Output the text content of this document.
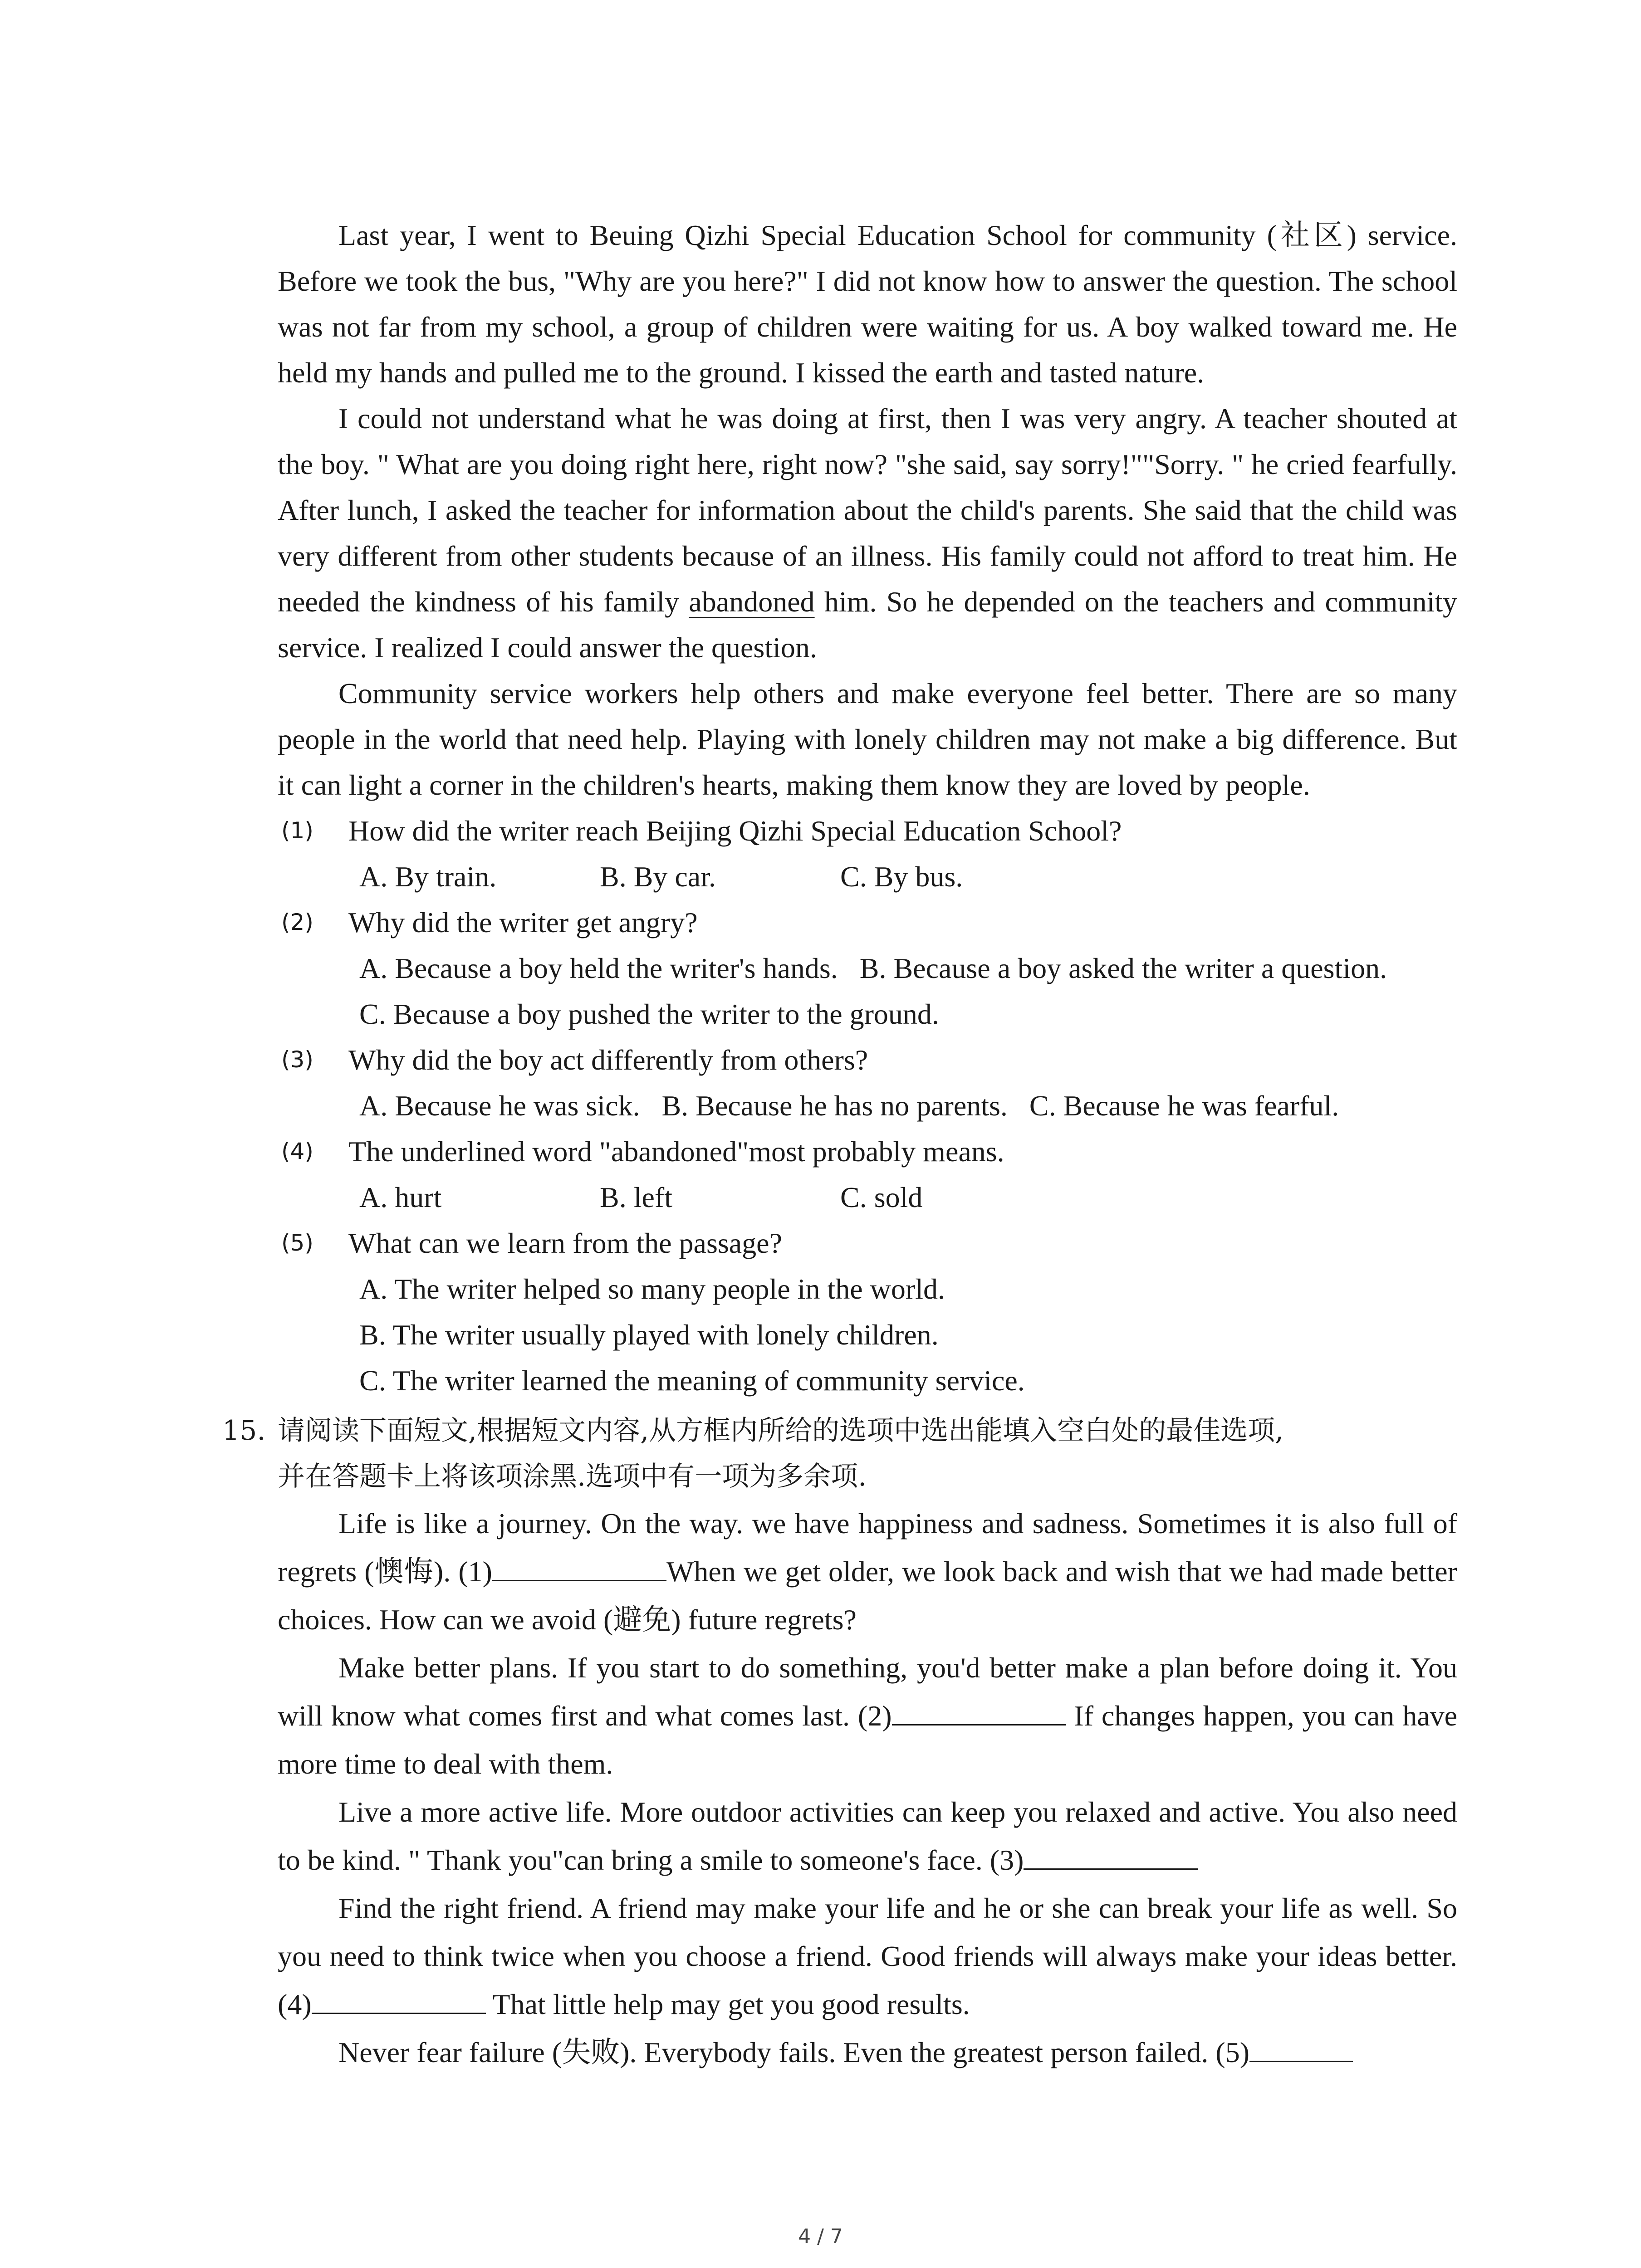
Last year, I went to Beuing Qizhi Special Education School for community (社区) service. Before we took the bus, "Why are you here?" I did not know how to answer the question. The school was not far from my school, a group of children were waiting for us. A boy walked toward me. He held my hands and pulled me to the ground. I kissed the earth and tasted nature.

I could not understand what he was doing at first, then I was very angry. A teacher shouted at the boy. " What are you doing right here, right now? "she said, say sorry!""Sorry. " he cried fearfully. After lunch, I asked the teacher for information about the child's parents. She said that the child was very different from other students because of an illness. His family could not afford to treat him. He needed the kindness of his family abandoned him. So he depended on the teachers and community service. I realized I could answer the question.

Community service workers help others and make everyone feel better. There are so many people in the world that need help. Playing with lonely children may not make a big difference. But it can light a corner in the children's hearts, making them know they are loved by people.

(1) How did the writer reach Beijing Qizhi Special Education School?

A. By train.	B. By car.	C. By bus.

(2) Why did the writer get angry?

A. Because a boy held the writer's hands. B. Because a boy asked the writer a question.

C. Because a boy pushed the writer to the ground.

(3) Why did the boy act differently from others?

A. Because he was sick. B. Because he has no parents. C. Because he was fearful.

(4) The underlined word "abandoned"most probably means.

A. hurt	B. left	C. sold

(5) What can we learn from the passage?

A. The writer helped so many people in the world.

B. The writer usually played with lonely children.

C. The writer learned the meaning of community service.

15. 请阅读下面短文,根据短文内容,从方框内所给的选项中选出能填入空白处的最佳选项,

并在答题卡上将该项涂黑.选项中有一项为多余项.

Life is like a journey. On the way. we have happiness and sadness. Sometimes it is also full of regrets (懊悔). (1)	When we get older, we look back and wish that we had made better choices. How can we avoid (避免) future regrets?

Make better plans. If you start to do something, you'd better make a plan before doing it. You will know what comes first and what comes last. (2)	If changes happen, you can have more time to deal with them.

Live a more active life. More outdoor activities can keep you relaxed and active. You also need to be kind. " Thank you"can bring a smile to someone's face. (3)

Find the right friend. A friend may make your life and he or she can break your life as well. So you need to think twice when you choose a friend. Good friends will always make your ideas better. (4)	That little help may get you good results.

Never fear failure (失败). Everybody fails. Even the greatest person failed. (5)

4 / 7
